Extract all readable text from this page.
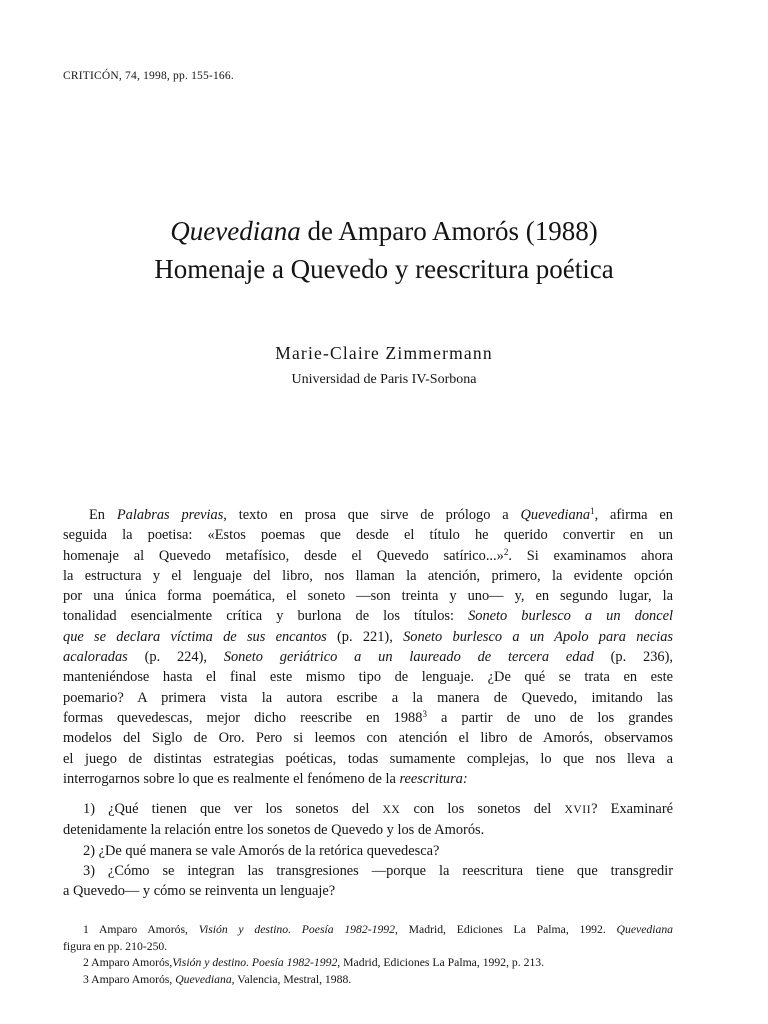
CRITICÓN, 74, 1998, pp. 155-166.
Quevediana de Amparo Amorós (1988)
Homenaje a Quevedo y reescritura poética
Marie-Claire Zimmermann
Universidad de Paris IV-Sorbona
En Palabras previas, texto en prosa que sirve de prólogo a Quevediana$^1$, afirma en
seguida la poetisa: «Estos poemas que desde el título he querido convertir en un
homenaje al Quevedo metafísico, desde el Quevedo satírico...»$^2$. Si examinamos ahora
la estructura y el lenguaje del libro, nos llaman la atención, primero, la evidente opción
por una única forma poemática, el soneto —son treinta y uno— y, en segundo lugar, la
tonalidad esencialmente crítica y burlona de los títulos: Soneto burlesco a un doncel
que se declara víctima de sus encantos (p. 221), Soneto burlesco a un Apolo para necias
acaloradas (p. 224), Soneto geriátrico a un laureado de tercera edad (p. 236),
manteniéndose hasta el final este mismo tipo de lenguaje. ¿De qué se trata en este
poemario? A primera vista la autora escribe a la manera de Quevedo, imitando las
formas quevedescas, mejor dicho reescribe en 1988$^3$ a partir de uno de los grandes
modelos del Siglo de Oro. Pero si leemos con atención el libro de Amorós, observamos
el juego de distintas estrategias poéticas, todas sumamente complejas, lo que nos lleva a
interrogarnos sobre lo que es realmente el fenómeno de la reescritura:
1) ¿Qué tienen que ver los sonetos del XX con los sonetos del XVII? Examinaré
detenidamente la relación entre los sonetos de Quevedo y los de Amorós.
2) ¿De qué manera se vale Amorós de la retórica quevedesca?
3) ¿Cómo se integran las transgresiones —porque la reescritura tiene que transgredir
a Quevedo— y cómo se reinventa un lenguaje?
1 Amparo Amorós, Visión y destino. Poesía 1982-1992, Madrid, Ediciones La Palma, 1992. Quevediana
figura en pp. 210-250.
2 Amparo Amorós,Visión y destino. Poesía 1982-1992, Madrid, Ediciones La Palma, 1992, p. 213.
3 Amparo Amorós, Quevediana, Valencia, Mestral, 1988.
